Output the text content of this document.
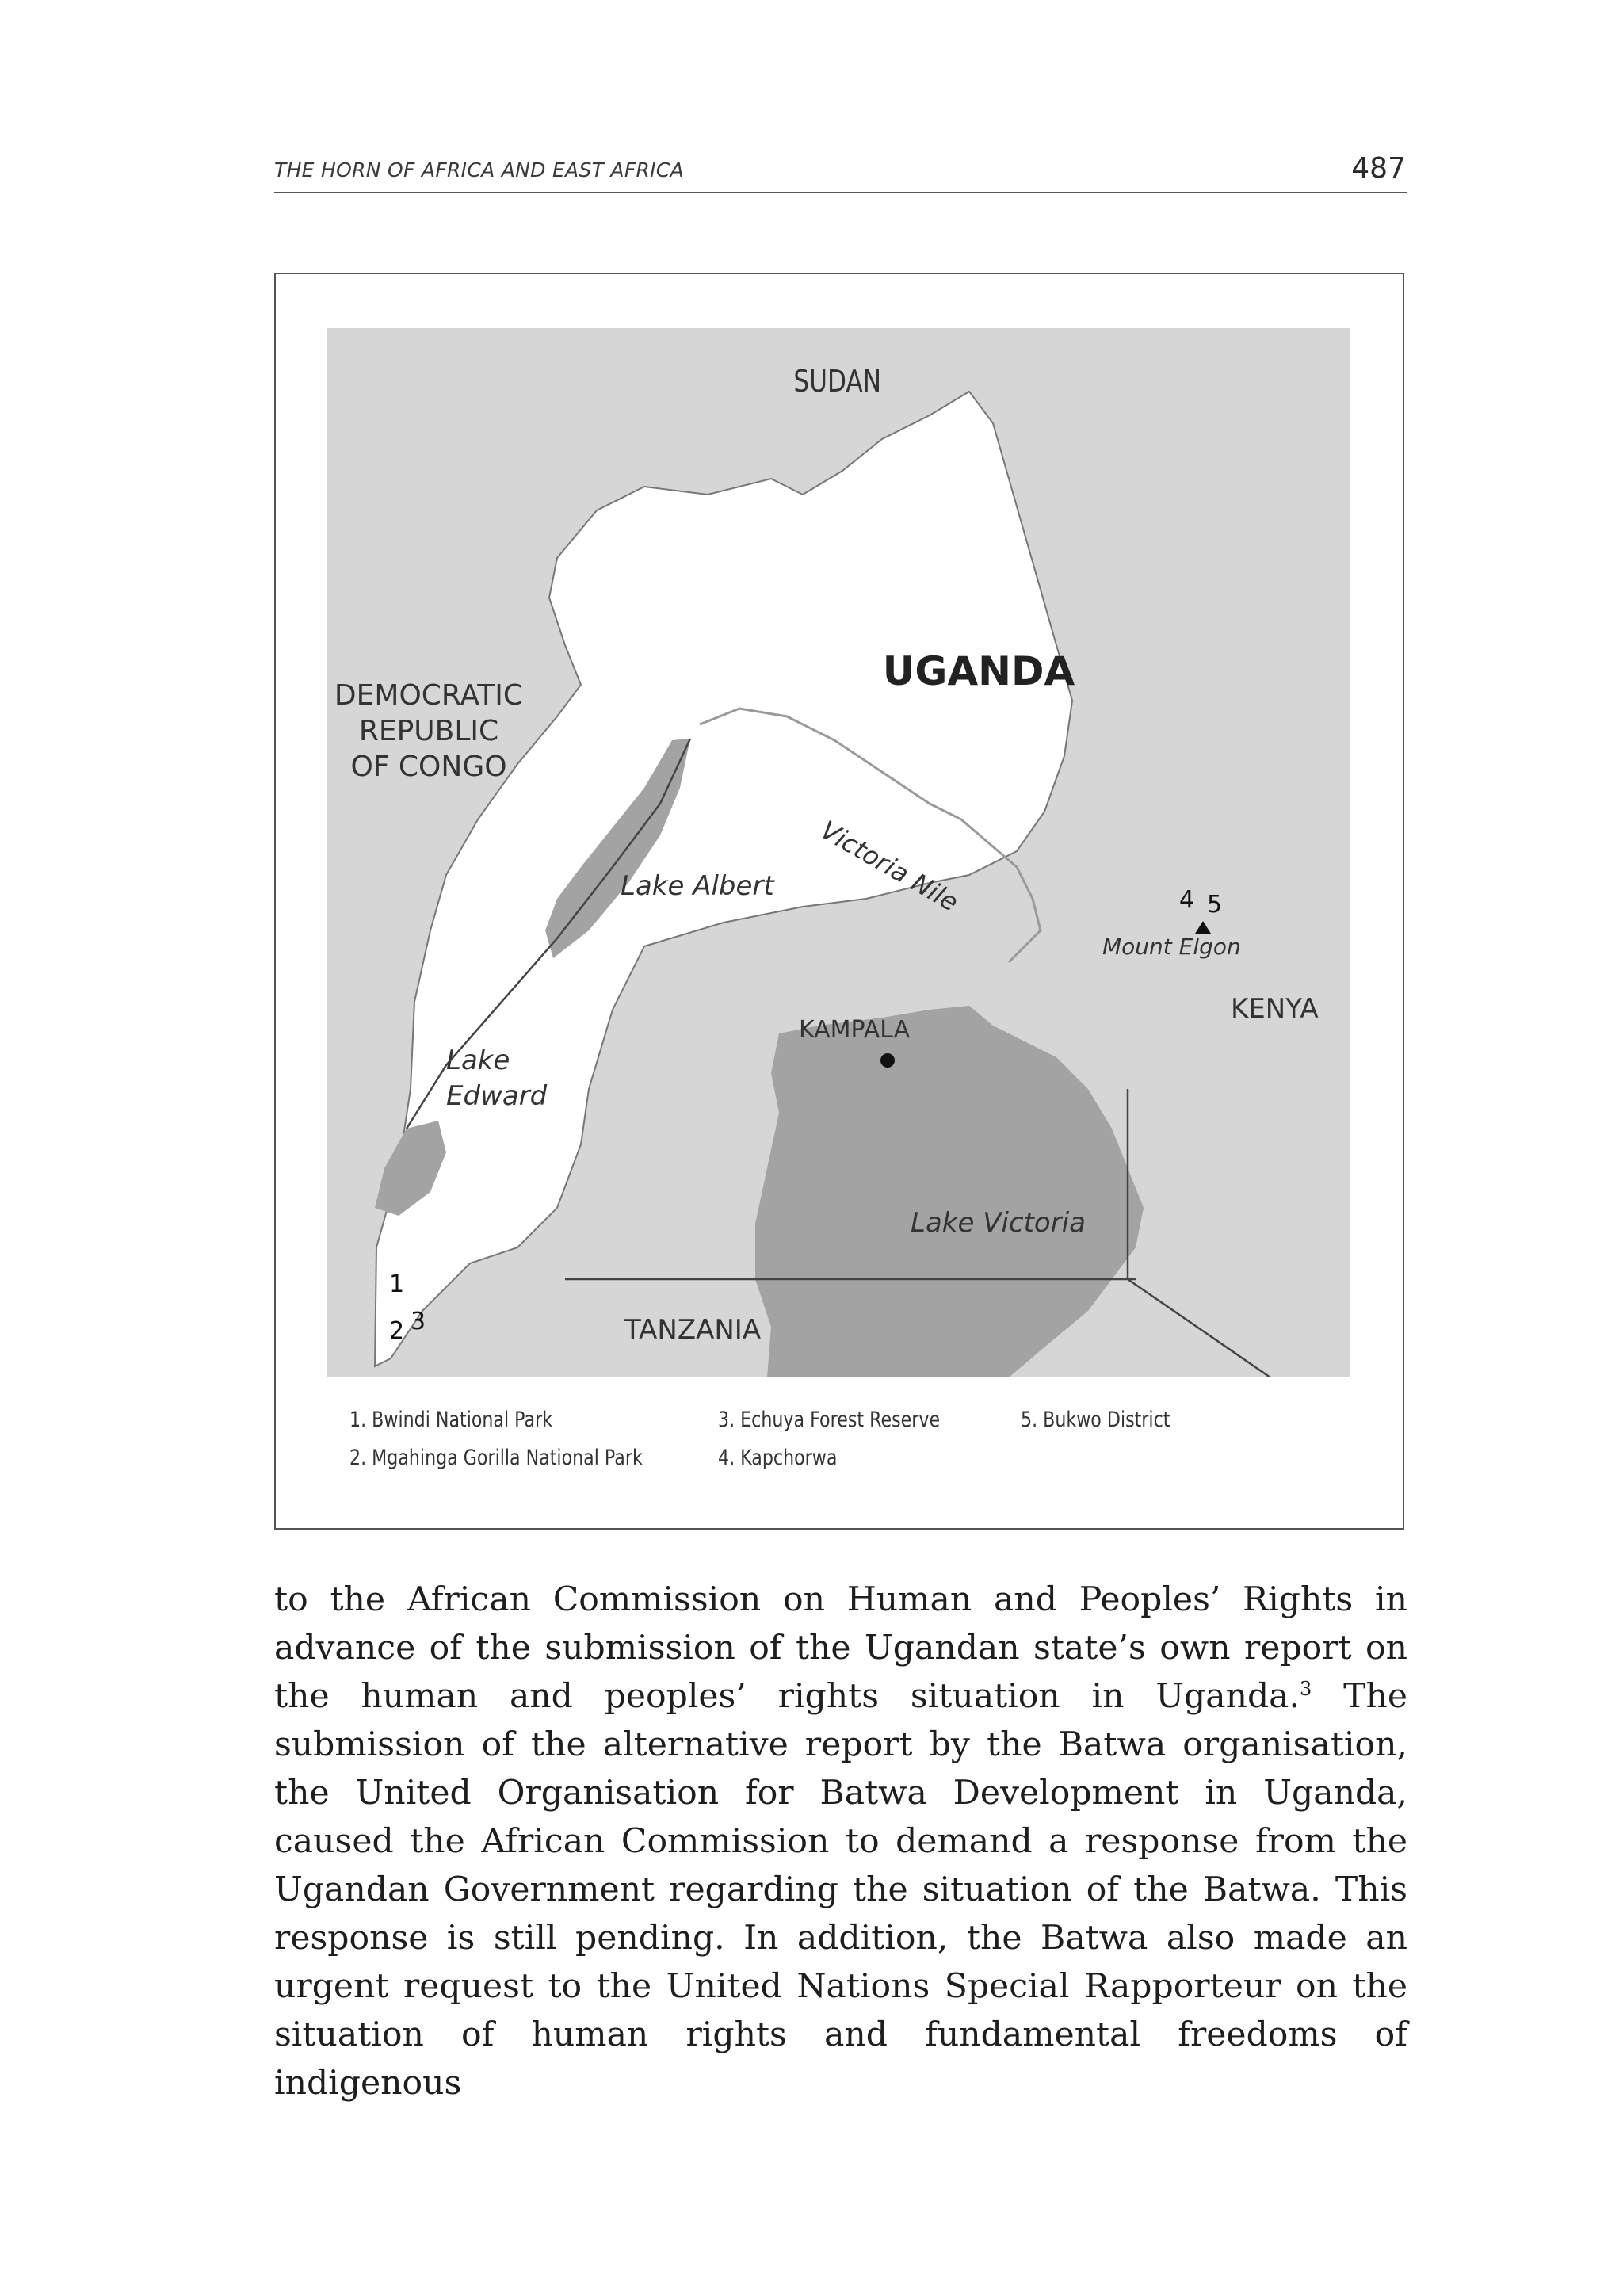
THE HORN OF AFRICA AND EAST AFRICA	487
SUDAN
UGANDA
DEMOCRATIC
REPUBLIC
OF CONGO
Lake Albert Victoria Nile
KAMPALA
KENYA
Mount Elgon
Lake
Edward
Lake Victoria
TANZANIA
1
2 3
4 5
1. Bwindi National Park
2. Mgahinga Gorilla National Park
3. Echuya Forest Reserve
4. Kapchorwa
5. Bukwo District

to the African Commission on Human and Peoples’ Rights in advance of the submission of the Ugandan state’s own report on the human and peoples’ rights situation in Uganda.$^3$ The submission of the alternative report by the Batwa organisation, the United Organisation for Batwa Development in Uganda, caused the African Commission to demand a response from the Ugandan Government regarding the situation of the Batwa. This response is still pending. In addition, the Batwa also made an urgent request to the United Nations Special Rapporteur on the situation of human rights and fundamental freedoms of indigenous
